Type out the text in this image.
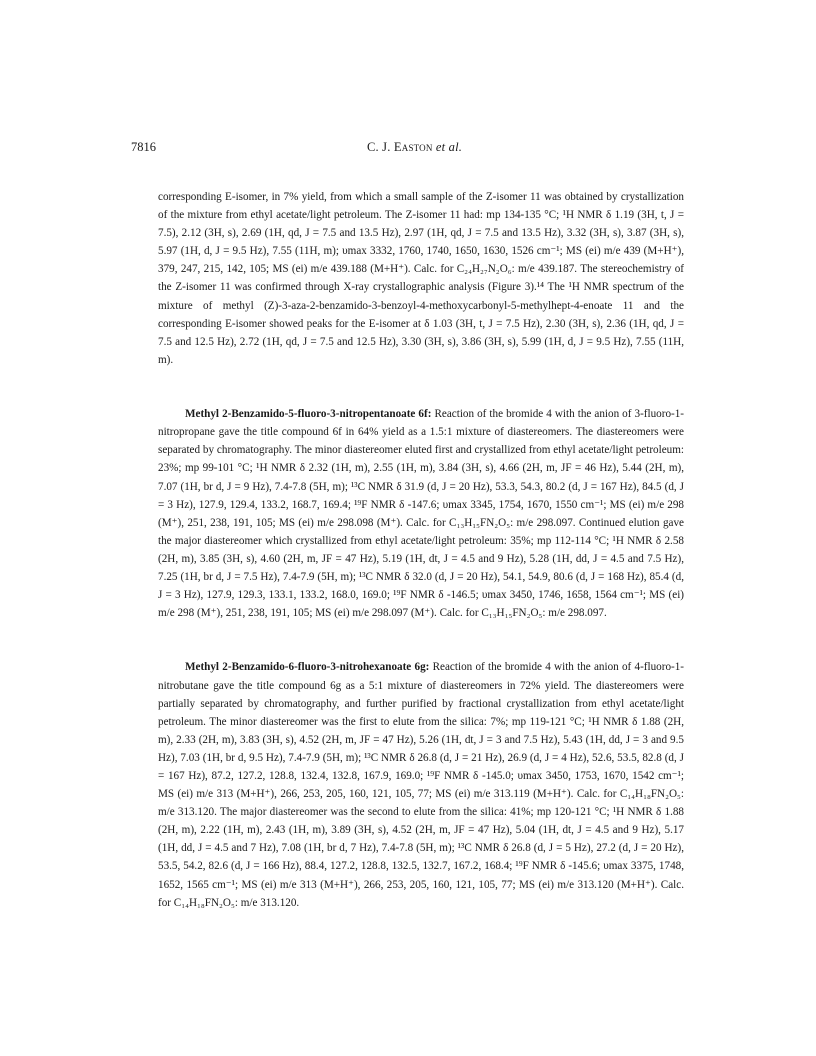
7816	C. J. Easton et al.

corresponding E-isomer, in 7% yield, from which a small sample of the Z-isomer 11 was obtained by crystallization of the mixture from ethyl acetate/light petroleum. The Z-isomer 11 had: mp 134-135 °C; ¹H NMR δ 1.19 (3H, t, J = 7.5), 2.12 (3H, s), 2.69 (1H, qd, J = 7.5 and 13.5 Hz), 2.97 (1H, qd, J = 7.5 and 13.5 Hz), 3.32 (3H, s), 3.87 (3H, s), 5.97 (1H, d, J = 9.5 Hz), 7.55 (11H, m); υmax 3332, 1760, 1740, 1650, 1630, 1526 cm⁻¹; MS (ei) m/e 439 (M+H⁺), 379, 247, 215, 142, 105; MS (ei) m/e 439.188 (M+H⁺). Calc. for C₂₄H₂₇N₂O₆: m/e 439.187. The stereochemistry of the Z-isomer 11 was confirmed through X-ray crystallographic analysis (Figure 3).¹⁴ The ¹H NMR spectrum of the mixture of methyl (Z)-3-aza-2-benzamido-3-benzoyl-4-methoxycarbonyl-5-methylhept-4-enoate 11 and the corresponding E-isomer showed peaks for the E-isomer at δ 1.03 (3H, t, J = 7.5 Hz), 2.30 (3H, s), 2.36 (1H, qd, J = 7.5 and 12.5 Hz), 2.72 (1H, qd, J = 7.5 and 12.5 Hz), 3.30 (3H, s), 3.86 (3H, s), 5.99 (1H, d, J = 9.5 Hz), 7.55 (11H, m).

Methyl 2-Benzamido-5-fluoro-3-nitropentanoate 6f: Reaction of the bromide 4 with the anion of 3-fluoro-1-nitropropane gave the title compound 6f in 64% yield as a 1.5:1 mixture of diastereomers. The diastereomers were separated by chromatography. The minor diastereomer eluted first and crystallized from ethyl acetate/light petroleum: 23%; mp 99-101 °C; ¹H NMR δ 2.32 (1H, m), 2.55 (1H, m), 3.84 (3H, s), 4.66 (2H, m, JF = 46 Hz), 5.44 (2H, m), 7.07 (1H, br d, J = 9 Hz), 7.4-7.8 (5H, m); ¹³C NMR δ 31.9 (d, J = 20 Hz), 53.3, 54.3, 80.2 (d, J = 167 Hz), 84.5 (d, J = 3 Hz), 127.9, 129.4, 133.2, 168.7, 169.4; ¹⁹F NMR δ -147.6; υmax 3345, 1754, 1670, 1550 cm⁻¹; MS (ei) m/e 298 (M⁺), 251, 238, 191, 105; MS (ei) m/e 298.098 (M⁺). Calc. for C₁₃H₁₅FN₂O₅: m/e 298.097. Continued elution gave the major diastereomer which crystallized from ethyl acetate/light petroleum: 35%; mp 112-114 °C; ¹H NMR δ 2.58 (2H, m), 3.85 (3H, s), 4.60 (2H, m, JF = 47 Hz), 5.19 (1H, dt, J = 4.5 and 9 Hz), 5.28 (1H, dd, J = 4.5 and 7.5 Hz), 7.25 (1H, br d, J = 7.5 Hz), 7.4-7.9 (5H, m); ¹³C NMR δ 32.0 (d, J = 20 Hz), 54.1, 54.9, 80.6 (d, J = 168 Hz), 85.4 (d, J = 3 Hz), 127.9, 129.3, 133.1, 133.2, 168.0, 169.0; ¹⁹F NMR δ -146.5; υmax 3450, 1746, 1658, 1564 cm⁻¹; MS (ei) m/e 298 (M⁺), 251, 238, 191, 105; MS (ei) m/e 298.097 (M⁺). Calc. for C₁₃H₁₅FN₂O₅: m/e 298.097.

Methyl 2-Benzamido-6-fluoro-3-nitrohexanoate 6g: Reaction of the bromide 4 with the anion of 4-fluoro-1-nitrobutane gave the title compound 6g as a 5:1 mixture of diastereomers in 72% yield. The diastereomers were partially separated by chromatography, and further purified by fractional crystallization from ethyl acetate/light petroleum. The minor diastereomer was the first to elute from the silica: 7%; mp 119-121 °C; ¹H NMR δ 1.88 (2H, m), 2.33 (2H, m), 3.83 (3H, s), 4.52 (2H, m, JF = 47 Hz), 5.26 (1H, dt, J = 3 and 7.5 Hz), 5.43 (1H, dd, J = 3 and 9.5 Hz), 7.03 (1H, br d, 9.5 Hz), 7.4-7.9 (5H, m); ¹³C NMR δ 26.8 (d, J = 21 Hz), 26.9 (d, J = 4 Hz), 52.6, 53.5, 82.8 (d, J = 167 Hz), 87.2, 127.2, 128.8, 132.4, 132.8, 167.9, 169.0; ¹⁹F NMR δ -145.0; υmax 3450, 1753, 1670, 1542 cm⁻¹; MS (ei) m/e 313 (M+H⁺), 266, 253, 205, 160, 121, 105, 77; MS (ei) m/e 313.119 (M+H⁺). Calc. for C₁₄H₁₈FN₂O₅: m/e 313.120. The major diastereomer was the second to elute from the silica: 41%; mp 120-121 °C; ¹H NMR δ 1.88 (2H, m), 2.22 (1H, m), 2.43 (1H, m), 3.89 (3H, s), 4.52 (2H, m, JF = 47 Hz), 5.04 (1H, dt, J = 4.5 and 9 Hz), 5.17 (1H, dd, J = 4.5 and 7 Hz), 7.08 (1H, br d, 7 Hz), 7.4-7.8 (5H, m); ¹³C NMR δ 26.8 (d, J = 5 Hz), 27.2 (d, J = 20 Hz), 53.5, 54.2, 82.6 (d, J = 166 Hz), 88.4, 127.2, 128.8, 132.5, 132.7, 167.2, 168.4; ¹⁹F NMR δ -145.6; υmax 3375, 1748, 1652, 1565 cm⁻¹; MS (ei) m/e 313 (M+H⁺), 266, 253, 205, 160, 121, 105, 77; MS (ei) m/e 313.120 (M+H⁺). Calc. for C₁₄H₁₈FN₂O₅: m/e 313.120.
